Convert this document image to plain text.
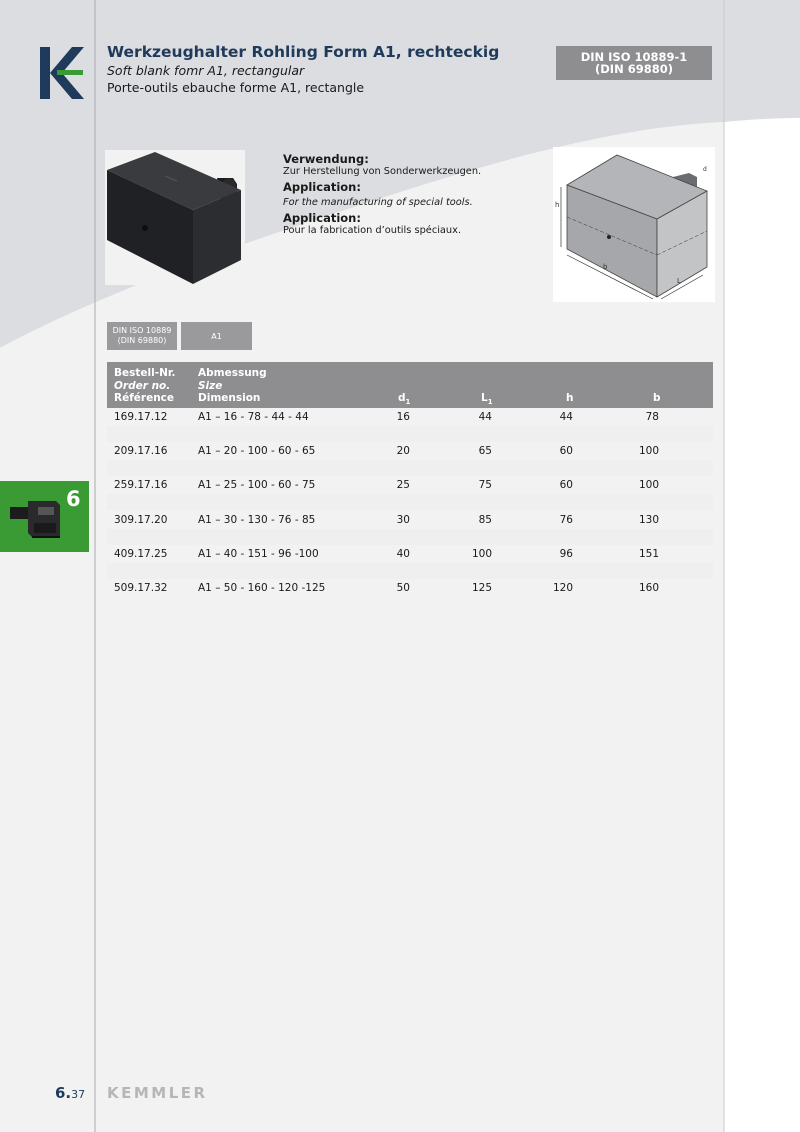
Werkzeughalter Rohling Form A1, rechteckig
Soft blank fomr A1, rectangular
Porte-outils ebauche forme A1, rectangle
DIN ISO 10889-1
(DIN 69880)
Verwendung:
Zur Herstellung von Sonderwerkzeugen.
Application:
For the manufacturing of special tools.
Application:
Pour la fabrication d’outils spéciaux.
h
b
L
d
DIN ISO 10889
(DIN 69880)	A1
Bestell-Nr.
Order no.
Référence
Abmessung
Size
Dimension	$d_1$	$L_1$	h	b
169.17.12	A1 – 16 - 78 - 44 - 44	16	44	44	78
209.17.16	A1 – 20 - 100 - 60 - 65	20	65	60	100
259.17.16	A1 – 25 - 100 - 60 - 75	25	75	60	100
309.17.20	A1 – 30 - 130 - 76 - 85	30	85	76	130
409.17.25	A1 – 40 - 151 - 96 -100	40	100	96	151
509.17.32	A1 – 50 - 160 - 120 -125	50	125	120	160
6
6.37 KEMMLER
